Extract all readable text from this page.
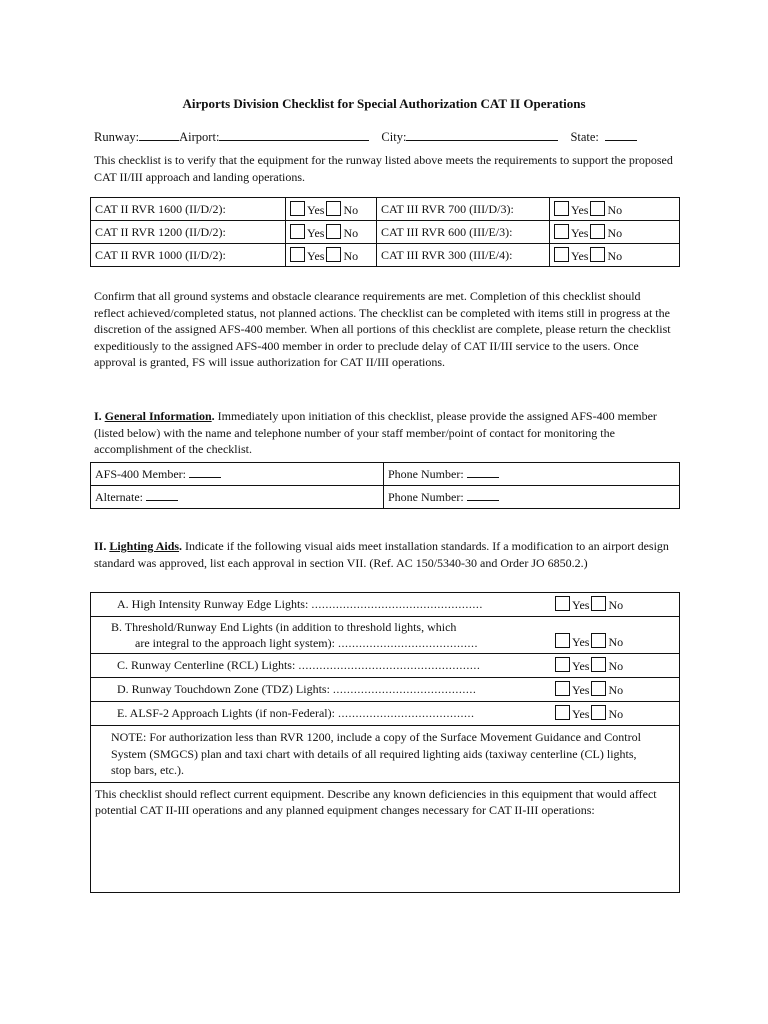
Airports Division Checklist for Special Authorization CAT II Operations
Runway:	Airport:	City:	State:
This checklist is to verify that the equipment for the runway listed above meets the requirements to support the proposed CAT II/III approach and landing operations.
CAT II RVR 1600 (II/D/2):	Yes No	CAT III RVR 700 (III/D/3):	Yes No
CAT II RVR 1200 (II/D/2):	Yes No	CAT III RVR 600 (III/E/3):	Yes No
CAT II RVR 1000 (II/D/2):	Yes No	CAT III RVR 300 (III/E/4):	Yes No
Confirm that all ground systems and obstacle clearance requirements are met. Completion of this checklist should reflect achieved/completed status, not planned actions. The checklist can be completed with items still in progress at the discretion of the assigned AFS-400 member. When all portions of this checklist are complete, please return the checklist expeditiously to the assigned AFS-400 member in order to preclude delay of CAT II/III service to the users. Once approval is granted, FS will issue authorization for CAT II/III operations.
I. General Information. Immediately upon initiation of this checklist, please provide the assigned AFS-400 member (listed below) with the name and telephone number of your staff member/point of contact for monitoring the accomplishment of the checklist.
AFS-400 Member:	Phone Number:
Alternate:	Phone Number:
II. Lighting Aids. Indicate if the following visual aids meet installation standards. If a modification to an airport design standard was approved, list each approval in section VII. (Ref. AC 150/5340-30 and Order JO 6850.2.)
A. High Intensity Runway Edge Lights: .................................................	Yes No

B. Threshold/Runway End Lights (in addition to threshold lights, which
are integral to the approach light system): ........................................	Yes No
C. Runway Centerline (RCL) Lights: ....................................................	Yes No
D. Runway Touchdown Zone (TDZ) Lights: .........................................	Yes No
E. ALSF-2 Approach Lights (if non-Federal): .......................................	Yes No
NOTE: For authorization less than RVR 1200, include a copy of the Surface Movement Guidance and Control System (SMGCS) plan and taxi chart with details of all required lighting aids (taxiway centerline (CL) lights, stop bars, etc.).	
This checklist should reflect current equipment. Describe any known deficiencies in this equipment that would affect potential CAT II-III operations and any planned equipment changes necessary for CAT II-III operations:	
